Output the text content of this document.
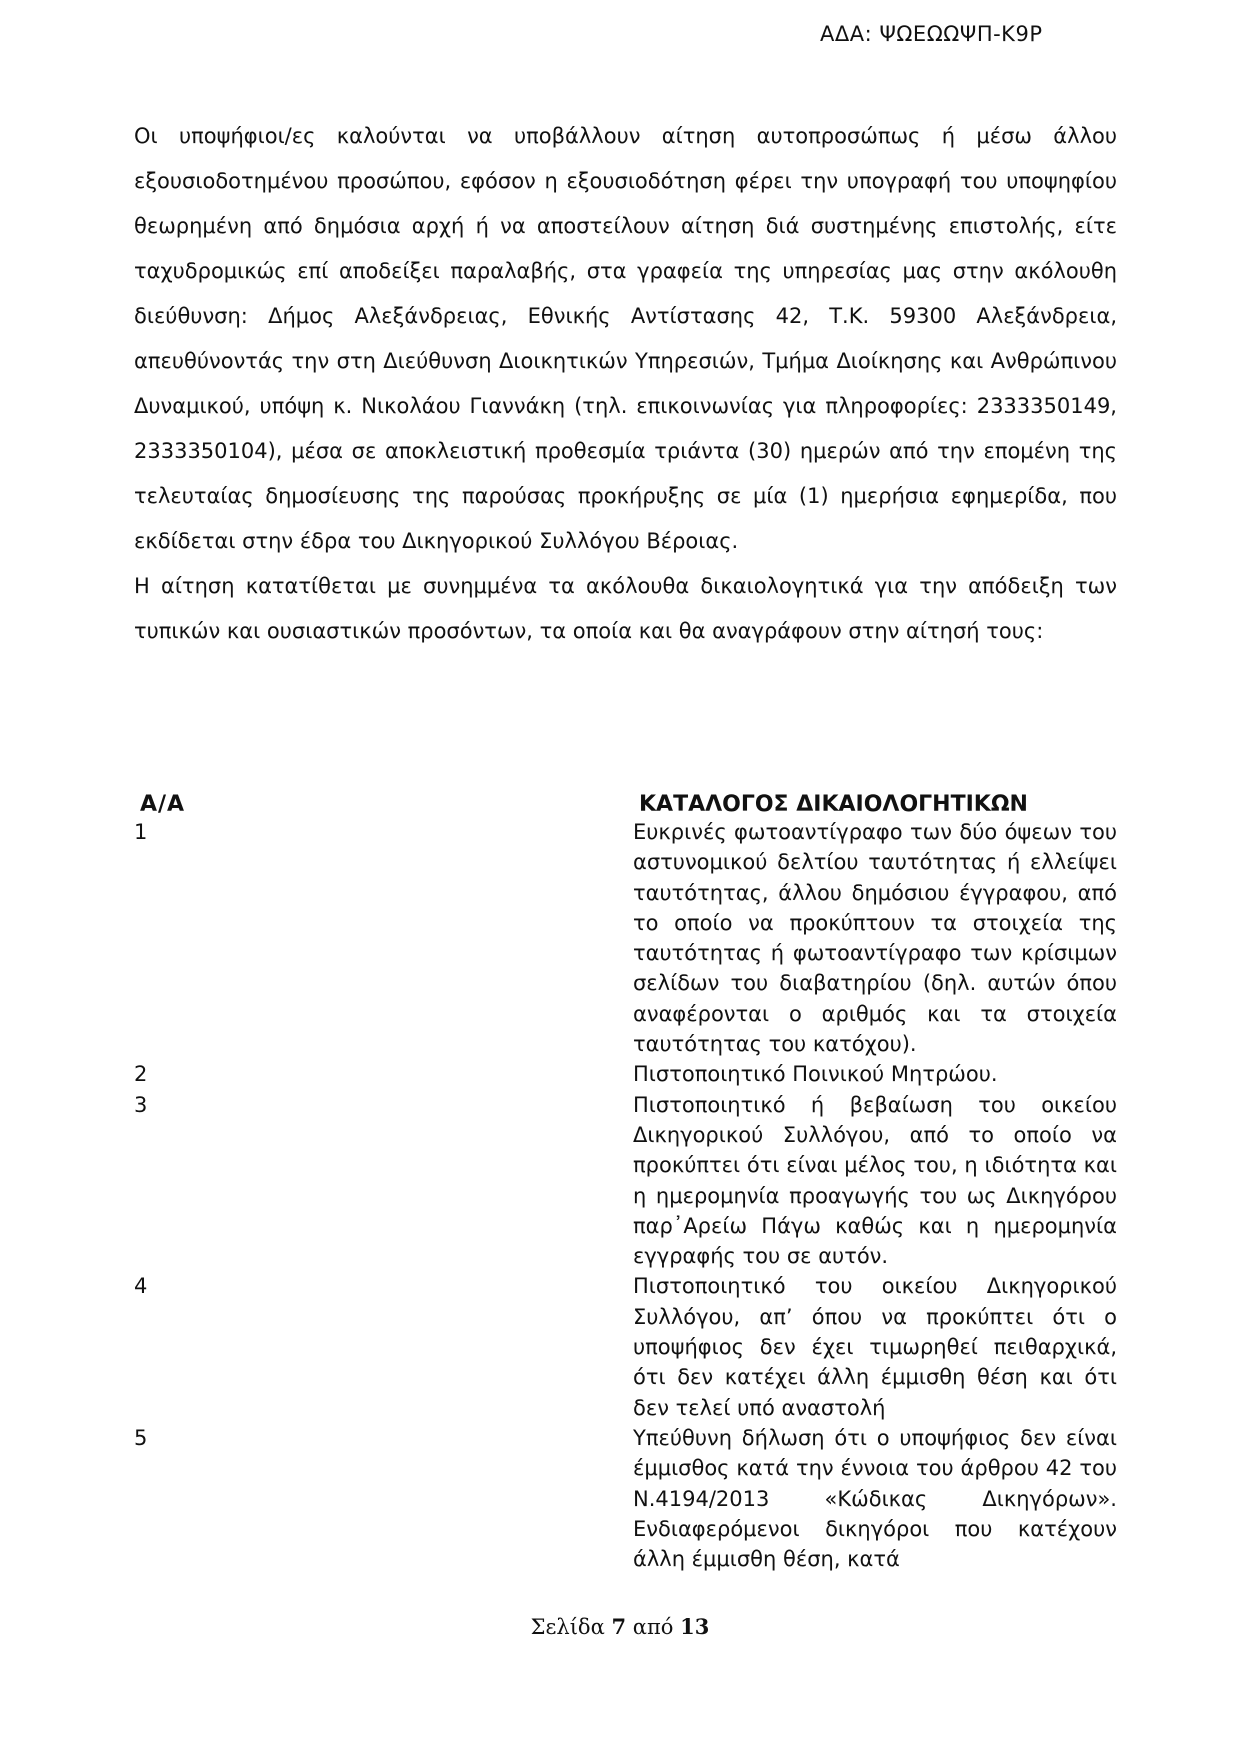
ΑΔΑ: ΨΩΕΩΩΨΠ-Κ9Ρ

Οι υποψήφιοι/ες καλούνται να υποβάλλουν αίτηση αυτοπροσώπως ή μέσω άλλου εξουσιοδοτημένου προσώπου, εφόσον η εξουσιοδότηση φέρει την υπογραφή του υποψηφίου θεωρημένη από δημόσια αρχή ή να αποστείλουν αίτηση διά συστημένης επιστολής, είτε ταχυδρομικώς επί αποδείξει παραλαβής, στα γραφεία της υπηρεσίας μας στην ακόλουθη διεύθυνση: Δήμος Αλεξάνδρειας, Εθνικής Αντίστασης 42, Τ.Κ. 59300 Αλεξάνδρεια, απευθύνοντάς την στη Διεύθυνση Διοικητικών Υπηρεσιών, Τμήμα Διοίκησης και Ανθρώπινου Δυναμικού, υπόψη κ. Νικολάου Γιαννάκη (τηλ. επικοινωνίας για πληροφορίες: 2333350149, 2333350104), μέσα σε αποκλειστική προθεσμία τριάντα (30) ημερών από την επομένη της τελευταίας δημοσίευσης της παρούσας προκήρυξης σε μία (1) ημερήσια εφημερίδα, που εκδίδεται στην έδρα του Δικηγορικού Συλλόγου Βέροιας.

Η αίτηση κατατίθεται με συνημμένα τα ακόλουθα δικαιολογητικά για την απόδειξη των τυπικών και ουσιαστικών προσόντων, τα οποία και θα αναγράφουν στην αίτησή τους:

Α/Α	ΚΑΤΑΛΟΓΟΣ ΔΙΚΑΙΟΛΟΓΗΤΙΚΩΝ
1	Ευκρινές φωτοαντίγραφο των δύο όψεων του αστυνομικού δελτίου ταυτότητας ή ελλείψει ταυτότητας, άλλου δημόσιου έγγραφου, από το οποίο να προκύπτουν τα στοιχεία της ταυτότητας ή φωτοαντίγραφο των κρίσιμων σελίδων του διαβατηρίου (δηλ. αυτών όπου αναφέρονται ο αριθμός και τα στοιχεία ταυτότητας του κατόχου).
2	Πιστοποιητικό Ποινικού Μητρώου.
3	Πιστοποιητικό ή βεβαίωση του οικείου Δικηγορικού Συλλόγου, από το οποίο να προκύπτει ότι είναι μέλος του, η ιδιότητα και η ημερομηνία προαγωγής του ως Δικηγόρου παρ᾽Αρείω Πάγω καθώς και η ημερομηνία εγγραφής του σε αυτόν.
4	Πιστοποιητικό του οικείου Δικηγορικού Συλλόγου, απ’ όπου να προκύπτει ότι ο υποψήφιος δεν έχει τιμωρηθεί πειθαρχικά, ότι δεν κατέχει άλλη έμμισθη θέση και ότι δεν τελεί υπό αναστολή
5	Υπεύθυνη δήλωση ότι ο υποψήφιος δεν είναι έμμισθος κατά την έννοια του άρθρου 42 του Ν.4194/2013 «Κώδικας Δικηγόρων». Ενδιαφερόμενοι δικηγόροι που κατέχουν άλλη έμμισθη θέση, κατά
Σελίδα 7 από 13
